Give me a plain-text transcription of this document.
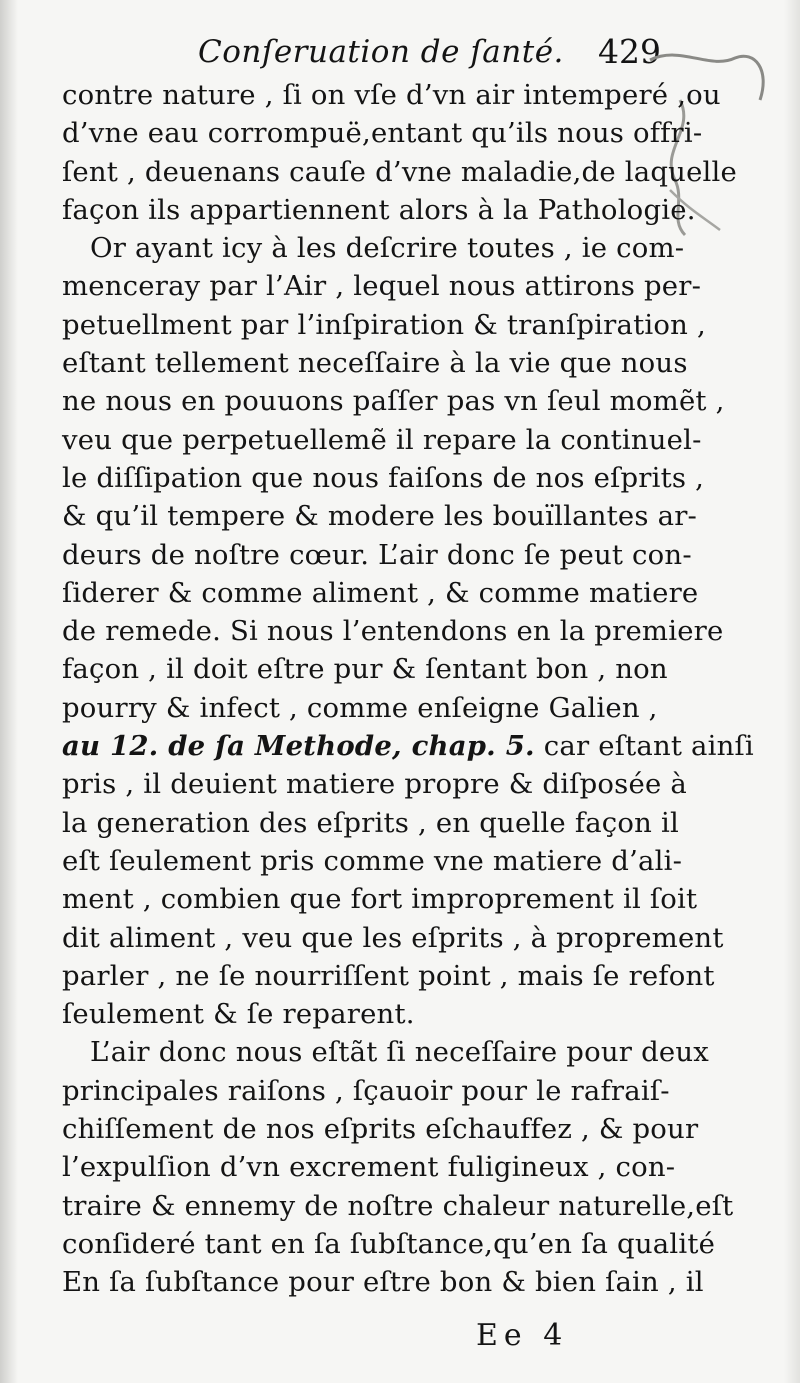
Conſeruation de ſanté. 429
contre nature , ſi on vſe d’vn air intemperé ,ou
d’vne eau corrompuë,entant qu’ils nous offri-
ſent , deuenans cauſe d’vne maladie,de laquelle
façon ils appartiennent alors à la Pathologie.
Or ayant icy à les deſcrire toutes , ie com-
menceray par l’Air , lequel nous attirons per-
petuellment par l’inſpiration & tranſpiration ,
eſtant tellement neceſſaire à la vie que nous
ne nous en pouuons paſſer pas vn ſeul momẽt ,
veu que perpetuellemẽ il repare la continuel-
le diſſipation que nous faiſons de nos eſprits ,
& qu’il tempere & modere les bouïllantes ar-
deurs de noſtre cœur. L’air donc ſe peut con-
ſiderer & comme aliment , & comme matiere
de remede. Si nous l’entendons en la premiere
façon , il doit eſtre pur & ſentant bon , non
pourry & infect , comme enſeigne Galien ,
au 12. de ſa Methode, chap. 5. car eſtant ainſi
pris , il deuient matiere propre & diſposée à
la generation des eſprits , en quelle façon il
eſt ſeulement pris comme vne matiere d’ali-
ment , combien que fort improprement il ſoit
dit aliment , veu que les eſprits , à proprement
parler , ne ſe nourriſſent point , mais ſe refont
ſeulement & ſe reparent.
L’air donc nous eſtãt ſi neceſſaire pour deux
principales raiſons , ſçauoir pour le rafraiſ-
chiſſement de nos eſprits eſchauffez , & pour
l’expulſion d’vn excrement fuligineux , con-
traire & ennemy de noſtre chaleur naturelle,eſt
conſideré tant en ſa ſubſtance,qu’en ſa qualité
En ſa ſubſtance pour eſtre bon & bien ſain , il
Ee 4
